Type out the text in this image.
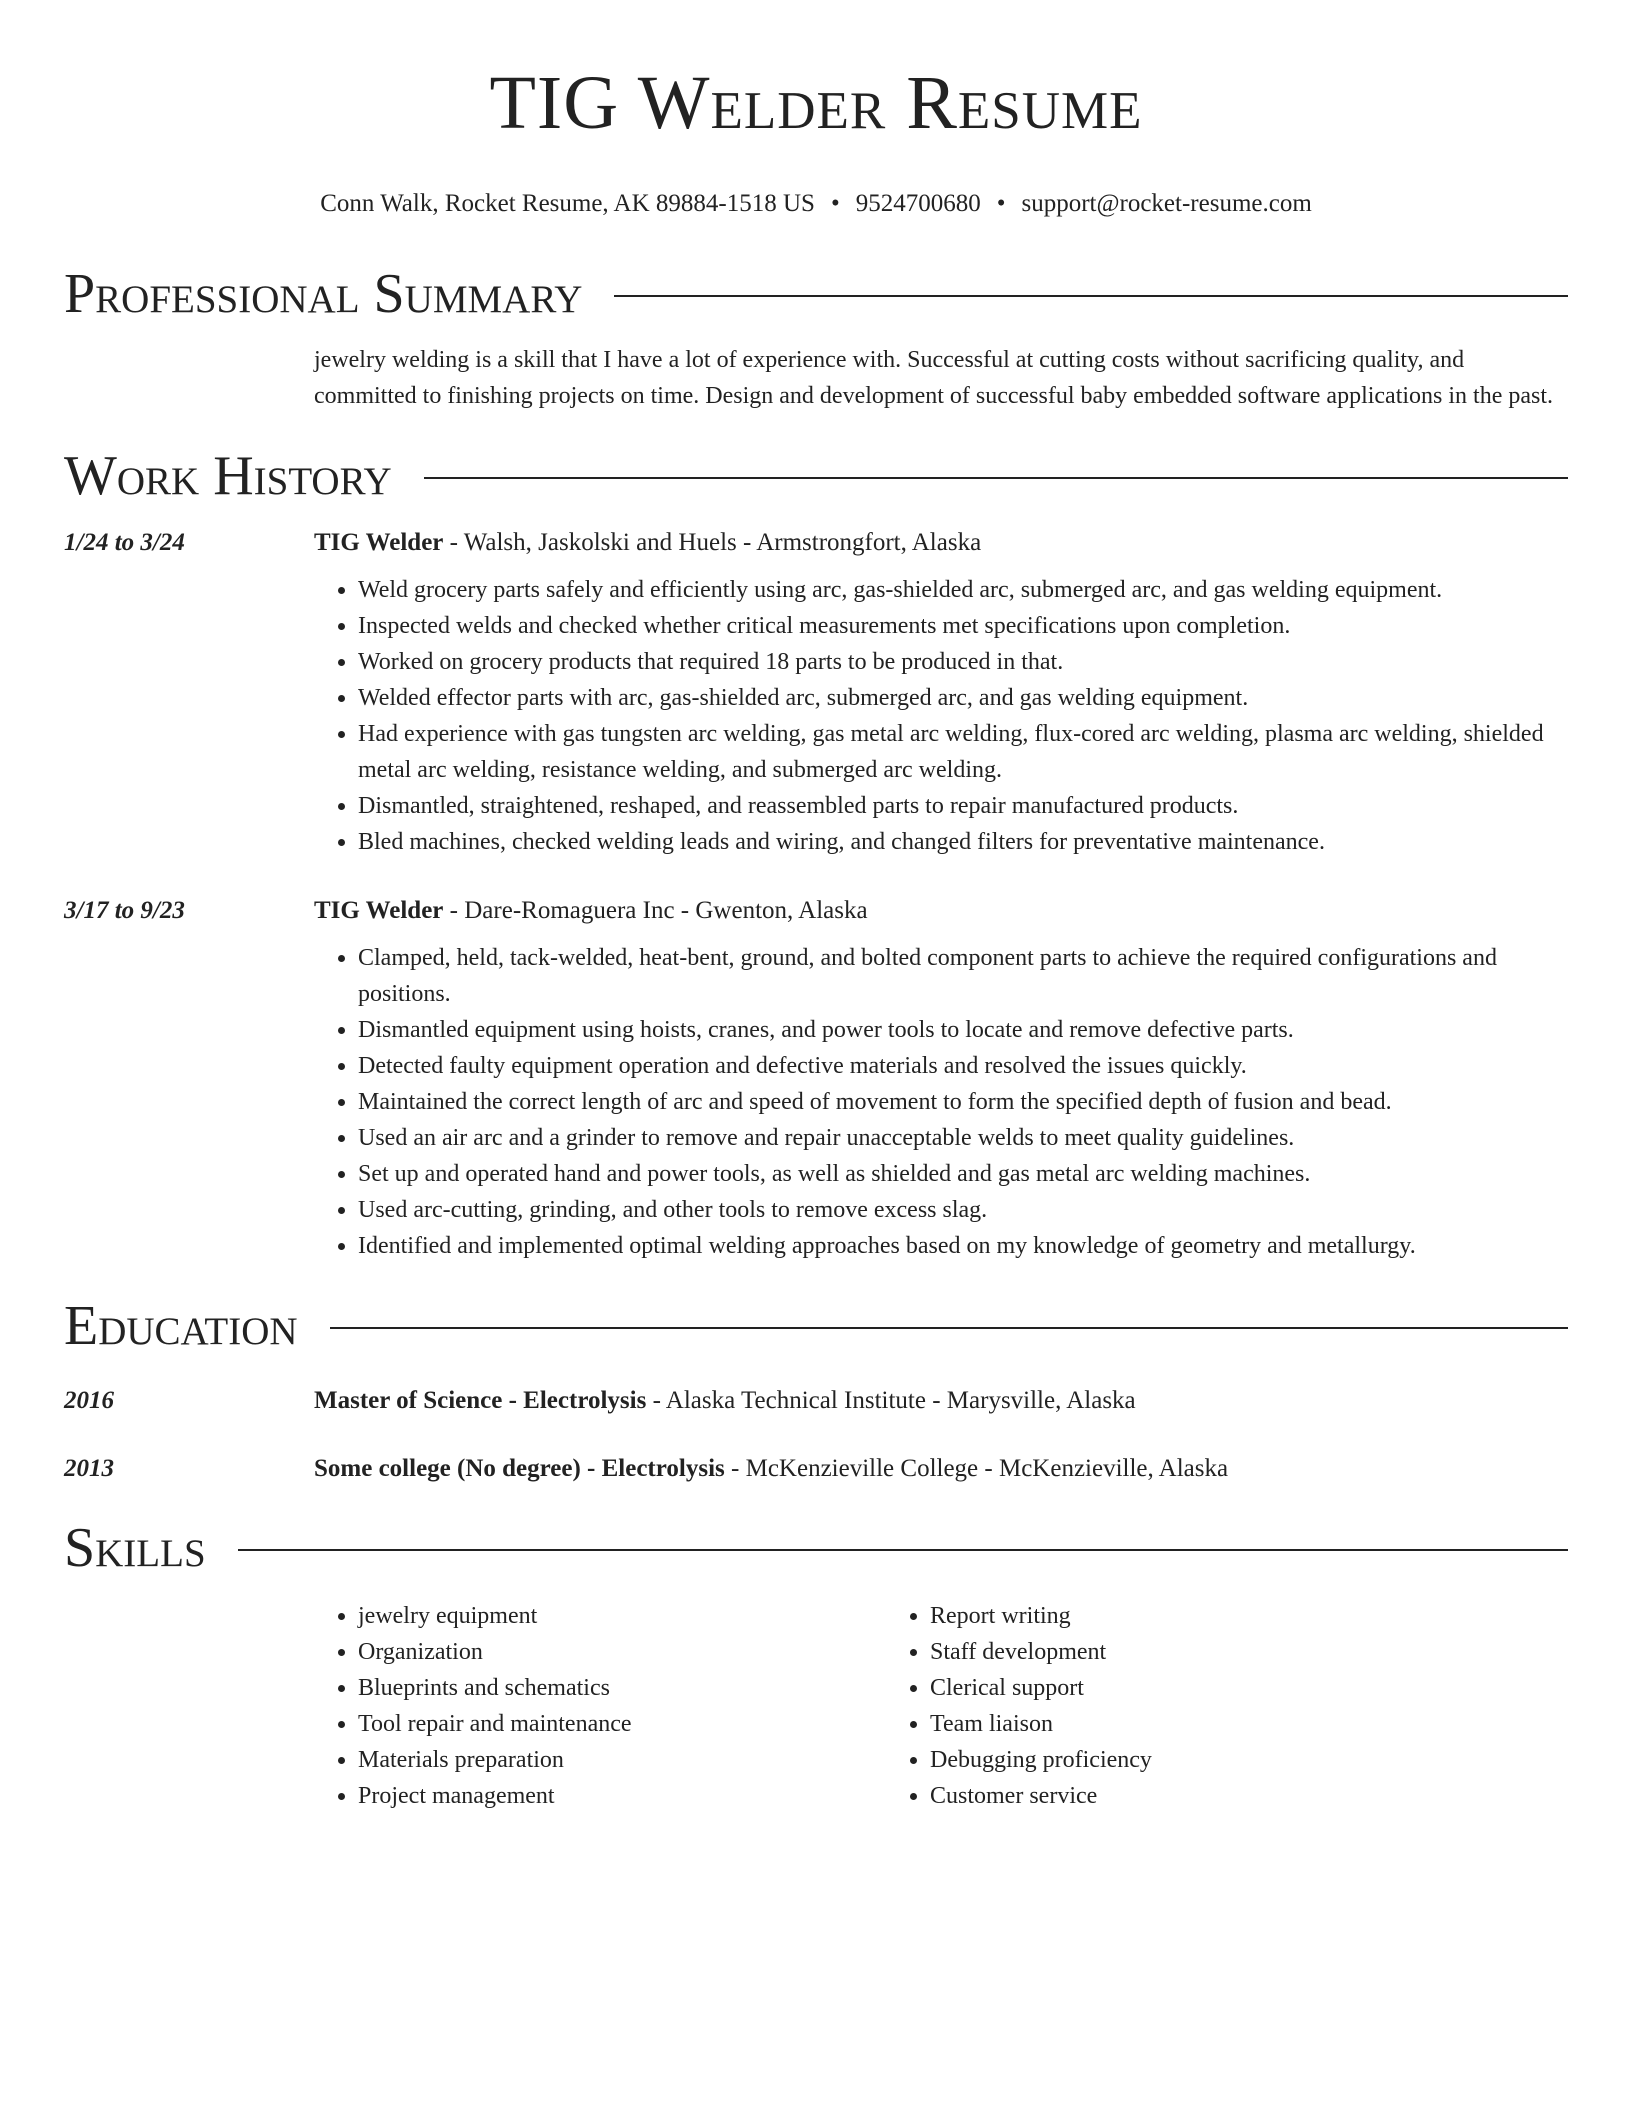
TIG Welder Resume
Conn Walk, Rocket Resume, AK 89884-1518 US • 9524700680 • support@rocket-resume.com
Professional Summary
jewelry welding is a skill that I have a lot of experience with. Successful at cutting costs without sacrificing quality, and committed to finishing projects on time. Design and development of successful baby embedded software applications in the past.
Work History
1/24 to 3/24	TIG Welder - Walsh, Jaskolski and Huels - Armstrongfort, Alaska
• Weld grocery parts safely and efficiently using arc, gas-shielded arc, submerged arc, and gas welding equipment.
• Inspected welds and checked whether critical measurements met specifications upon completion.
• Worked on grocery products that required 18 parts to be produced in that.
• Welded effector parts with arc, gas-shielded arc, submerged arc, and gas welding equipment.
• Had experience with gas tungsten arc welding, gas metal arc welding, flux-cored arc welding, plasma arc welding, shielded metal arc welding, resistance welding, and submerged arc welding.
• Dismantled, straightened, reshaped, and reassembled parts to repair manufactured products.
• Bled machines, checked welding leads and wiring, and changed filters for preventative maintenance.
3/17 to 9/23	TIG Welder - Dare-Romaguera Inc - Gwenton, Alaska
• Clamped, held, tack-welded, heat-bent, ground, and bolted component parts to achieve the required configurations and positions.
• Dismantled equipment using hoists, cranes, and power tools to locate and remove defective parts.
• Detected faulty equipment operation and defective materials and resolved the issues quickly.
• Maintained the correct length of arc and speed of movement to form the specified depth of fusion and bead.
• Used an air arc and a grinder to remove and repair unacceptable welds to meet quality guidelines.
• Set up and operated hand and power tools, as well as shielded and gas metal arc welding machines.
• Used arc-cutting, grinding, and other tools to remove excess slag.
• Identified and implemented optimal welding approaches based on my knowledge of geometry and metallurgy.
Education
2016	Master of Science - Electrolysis - Alaska Technical Institute - Marysville, Alaska
2013	Some college (No degree) - Electrolysis - McKenzieville College - McKenzieville, Alaska
Skills
• jewelry equipment
• Organization
• Blueprints and schematics
• Tool repair and maintenance
• Materials preparation
• Project management
• Report writing
• Staff development
• Clerical support
• Team liaison
• Debugging proficiency
• Customer service
